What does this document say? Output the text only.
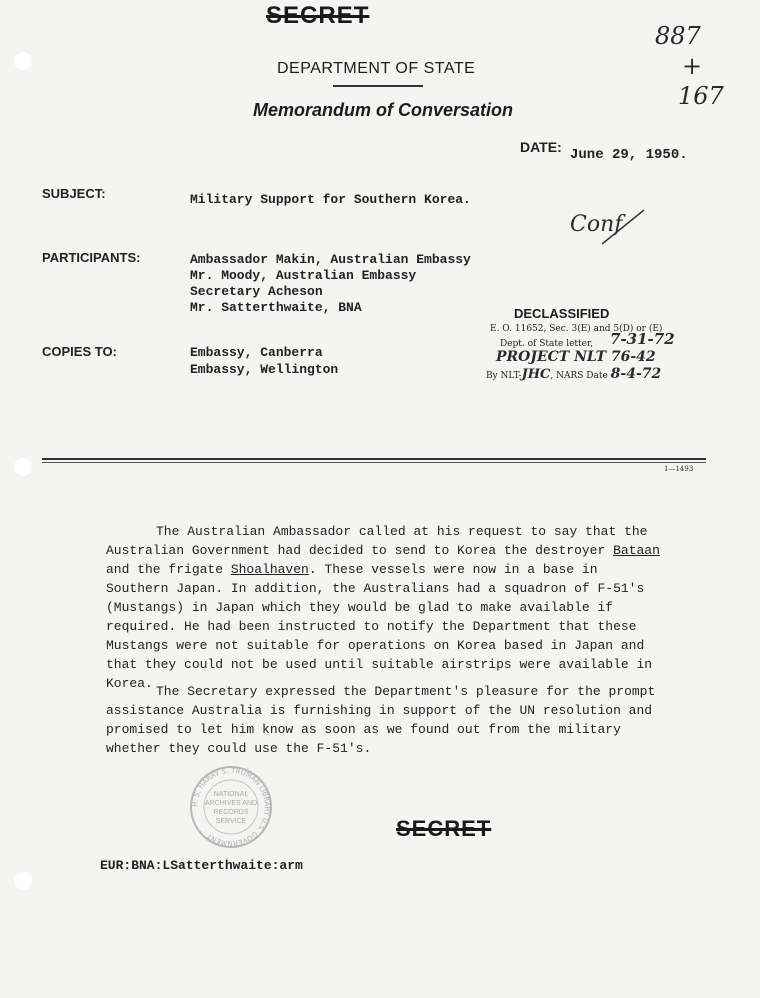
SECRET
887
+
167
DEPARTMENT OF STATE
Memorandum of Conversation
DATE: June 29, 1950.
SUBJECT:	Military Support for Southern Korea.
Conf
PARTICIPANTS:	Ambassador Makin, Australian Embassy
Mr. Moody, Australian Embassy
Secretary Acheson
Mr. Satterthwaite, BNA	DECLASSIFIED
E. O. 11652, Sec. 3(E) and 5(D) or (E)
Dept. of State letter, 7-31-72
PROJECT NLT 76-42
By NLT-JHC, NARS Date 8-4-72
COPIES TO:	Embassy, Canberra
Embassy, Wellington
1—1493
The Australian Ambassador called at his request to say that the Australian Government had decided to send to Korea the destroyer Bataan and the frigate Shoalhaven. These vessels were now in a base in Southern Japan. In addition, the Australians had a squadron of F-51's (Mustangs) in Japan which they would be glad to make available if required. He had been instructed to notify the Department that these Mustangs were not suitable for operations on Korea based in Japan and that they could not be used until suitable airstrips were available in Korea.
The Secretary expressed the Department's pleasure for the prompt assistance Australia is furnishing in support of the UN resolution and promised to let him know as soon as we found out from the military whether they could use the F-51's.
H. S. HARRY S. TRUMAN LIBRARY U.S. GOVERNMENT
NATIONAL
ARCHIVES AND
RECORDS
SERVICE	SECRET
EUR:BNA:LSatterthwaite:arm
